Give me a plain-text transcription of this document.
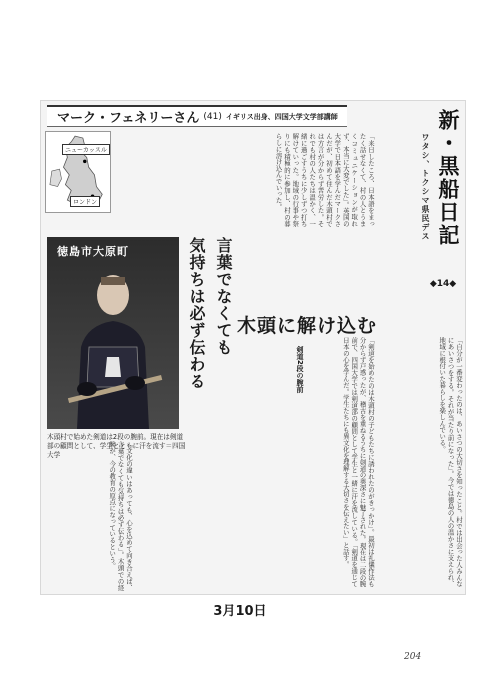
新・黒船日記
ワタシ、トクシマ県民デス
◆14◆
マーク・フェネリーさん (41) イギリス出身、四国大学文学部講師
ニューカッスル
ロンドン	「来日したころ、日本語をまったく話せなくて、村の人とうまくコミュニケーションが取れず、本当に大変でした」。英国の大学で日本語を学んだマークさんだが、初めて住んだ木頭村では方言が分からず苦労した。それでも村の人たちは温かく、一緒に過ごすうちに少しずつ打ち解けていった。地域の行事や祭りにも積極的に参加し、村の暮らしに溶け込んでいった。
徳島市大原町	言葉でなくても
気持ちは必ず伝わる 木頭に解け込む
木頭村で始めた剣道は2段の腕前。現在は剣道部の顧問として、学生とともに汗を流す＝四国大学	「文化の違いはあっても、心を込めて向き合えば、言葉でなくても気持ちは必ず伝わる」。木頭での経験が、今の教育の原点になっているという。	「剣道を始めたのは木頭村の子どもたちに誘われたのがきっかけ」。最初は礼儀作法も分からず戸惑ったが、稽古を重ねるうちに剣道の奥深さに魅了された。現在は二段の腕前で、四国大学では剣道部の顧問として学生と一緒に汗を流している。「剣道を通じて日本の心を学んだ。学生たちにも異文化を理解する大切さを伝えたい」と話す。
剣道2段の腕前	「自分が一番変わったのは、あいさつの大切さを知ったこと。村では出会った人みんなにあいさつをする。それが当たり前になった」。今では徳島の人の温かさに支えられ、地域に根付いた暮らしを楽しんでいる。
3月10日
204
